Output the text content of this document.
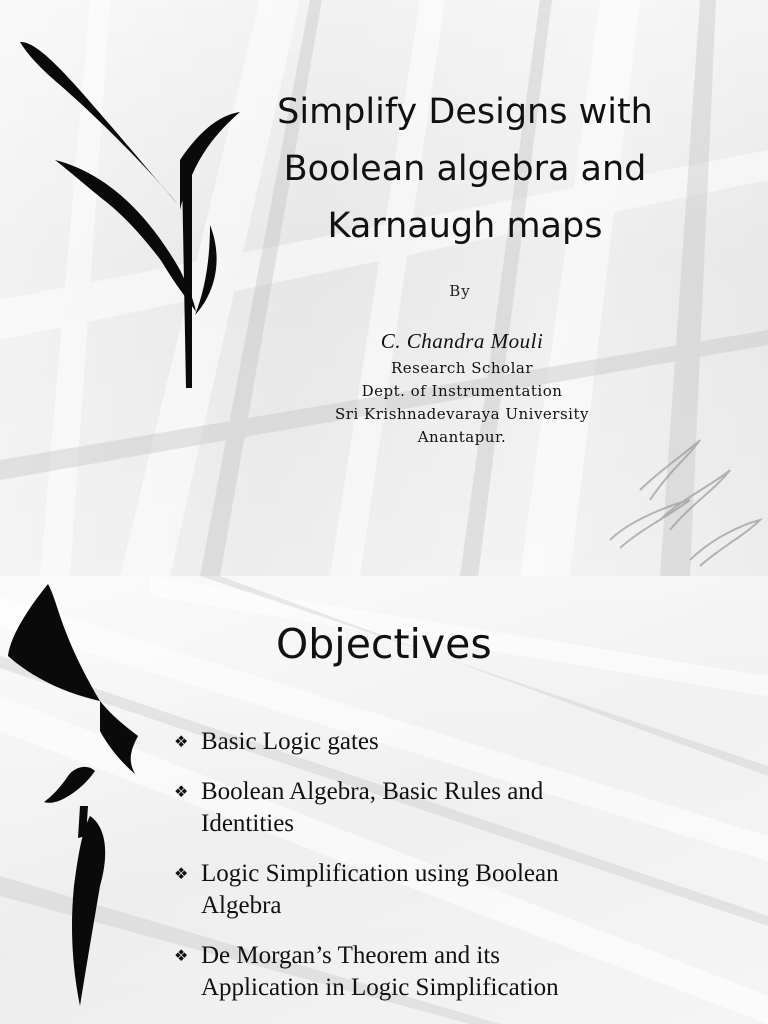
Simplify Designs with
Boolean algebra and
Karnaugh maps
By
C. Chandra Mouli
Research Scholar
Dept. of Instrumentation
Sri Krishnadevaraya University
Anantapur.
Objectives
❖ Basic Logic gates
❖ Boolean Algebra, Basic Rules and
Identities
❖ Logic Simplification using Boolean
Algebra
❖ De Morgan’s Theorem and its
Application in Logic Simplification
